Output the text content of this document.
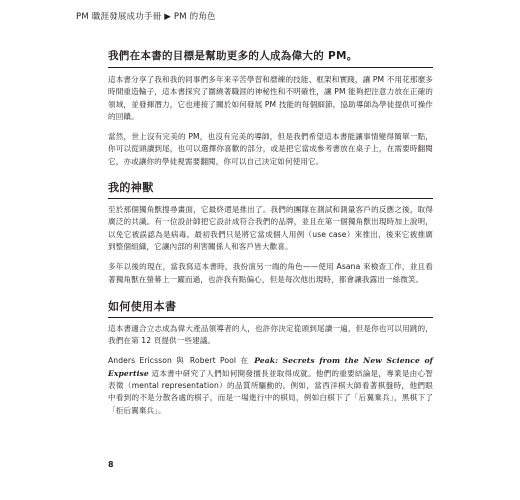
PM 職涯發展成功手冊 ▶ PM 的角色
我們在本書的目標是幫助更多的人成為偉大的 PM。

這本書分享了我和我的同事們多年來辛苦學習和磨練的技能、框架和實踐，讓 PM 不用花那麼多時間重造輪子，這本書探究了圍繞著職涯的神秘性和不明確性，讓 PM 能夠把注意力放在正確的領域，並發揮潛力，它也連接了關於如何發展 PM 技能的每個細節，協助導師為學徒提供可操作的回饋。

當然，世上沒有完美的 PM，也沒有完美的導師，但是我們希望這本書能讓事情變得簡單一點，你可以從頭讀到尾，也可以選擇你喜歡的部分，或是把它當成參考書放在桌子上，在需要時翻閱它，亦或讓你的學徒視需要翻閱，你可以自己決定如何使用它。

我的神獸

至於那個獨角獸搜尋畫面，它最終還是推出了。我們的團隊在測試和測量客戶的反應之後，取得廣泛的共識。有一位設計師把它設計成符合我們的品牌，並且在第一個獨角獸出現時加上說明，以免它被誤認為是病毒。最初我們只是將它當成個人用例（use case）來推出，後來它被推廣到整個組織，它讓內部的利害關係人和客戶皆大歡喜。

多年以後的現在，當我寫這本書時，我扮演另一端的角色——使用 Asana 來檢查工作，並且看著獨角獸在螢幕上一躍而過，也許我有點偏心，但是每次他出現時，都會讓我露出一絲微笑。

如何使用本書

這本書適合立志成為偉大產品領導者的人，也許你決定從頭到尾讀一遍，但是你也可以用跳的，我們在第 12 頁提供一些建議。

Anders Ericsson 與 Robert Pool 在 Peak: Secrets from the New Science of Expertise 這本書中研究了人們如何開發擅長並取得成就。他們的重要結論是，專業是由心智表徵（mental representation）的品質所驅動的。例如，當西洋棋大師看著棋盤時，他們眼中看到的不是分散各處的棋子，而是一場進行中的棋局，例如白棋下了「后翼棄兵」，黑棋下了「拒后翼棄兵」。

8
